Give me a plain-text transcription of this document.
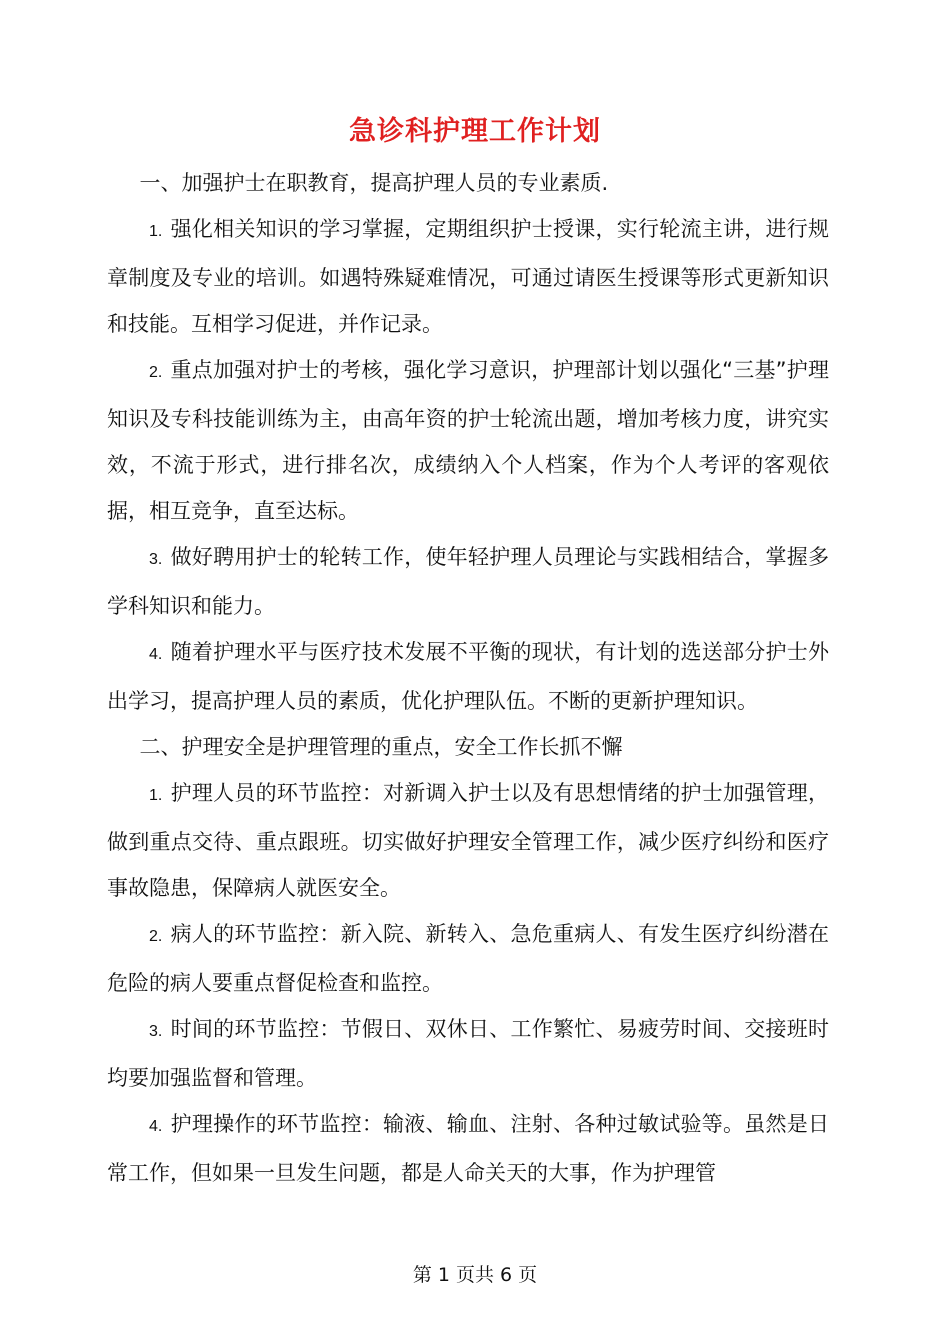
急诊科护理工作计划

一、加强护士在职教育，提高护理人员的专业素质.

1. 强化相关知识的学习掌握，定期组织护士授课，实行轮流主讲，进行规章制度及专业的培训。如遇特殊疑难情况，可通过请医生授课等形式更新知识和技能。互相学习促进，并作记录。

2. 重点加强对护士的考核，强化学习意识，护理部计划以强化“三基”护理知识及专科技能训练为主，由高年资的护士轮流出题，增加考核力度，讲究实效，不流于形式，进行排名次，成绩纳入个人档案，作为个人考评的客观依据，相互竞争，直至达标。

3. 做好聘用护士的轮转工作，使年轻护理人员理论与实践相结合，掌握多学科知识和能力。

4. 随着护理水平与医疗技术发展不平衡的现状，有计划的选送部分护士外出学习，提高护理人员的素质，优化护理队伍。不断的更新护理知识。

二、护理安全是护理管理的重点，安全工作长抓不懈

1. 护理人员的环节监控：对新调入护士以及有思想情绪的护士加强管理，做到重点交待、重点跟班。切实做好护理安全管理工作，减少医疗纠纷和医疗事故隐患，保障病人就医安全。

2. 病人的环节监控：新入院、新转入、急危重病人、有发生医疗纠纷潜在危险的病人要重点督促检查和监控。

3. 时间的环节监控：节假日、双休日、工作繁忙、易疲劳时间、交接班时均要加强监督和管理。

4. 护理操作的环节监控：输液、输血、注射、各种过敏试验等。虽然是日常工作，但如果一旦发生问题，都是人命关天的大事，作为护理管

第 1 页共 6 页
